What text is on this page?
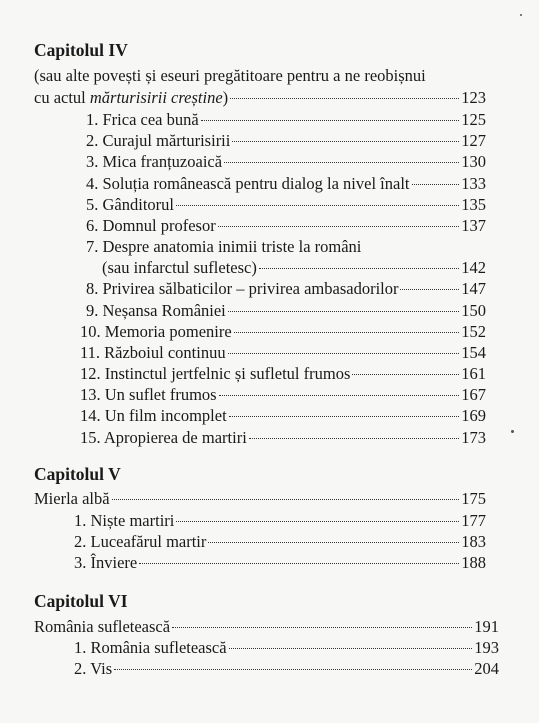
Capitolul IV
(sau alte povești și eseuri pregătitoare pentru a ne reobișnui
cu actul mărturisirii creștine)	123
1. Frica cea bună	125
2. Curajul mărturisirii	127
3. Mica franțuzoaică	130
4. Soluția românească pentru dialog la nivel înalt	133
5. Gânditorul	135
6. Domnul profesor	137
7. Despre anatomia inimii triste la români
(sau infarctul sufletesc)	142
8. Privirea sălbaticilor – privirea ambasadorilor	147
9. Neșansa României	150
10. Memoria pomenire	152
11. Războiul continuu	154
12. Instinctul jertfelnic și sufletul frumos	161
13. Un suflet frumos	167
14. Un film incomplet	169
15. Apropierea de martiri	173
Capitolul V
Mierla albă	175
1. Niște martiri	177
2. Luceafărul martir	183
3. Înviere	188
Capitolul VI
România sufletească	191
1. România sufletească	193
2. Vis	204
